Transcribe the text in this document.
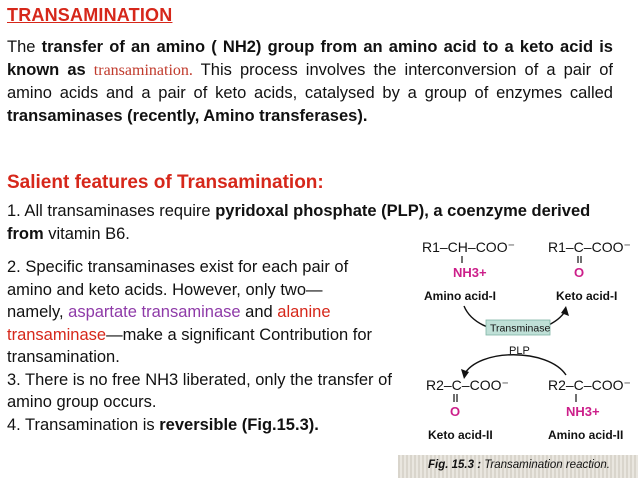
TRANSAMINATION
The transfer of an amino ( NH2) group from an amino acid to a keto acid is known as transamination. This process involves the interconversion of a pair of amino acids and a pair of keto acids, catalysed by a group of enzymes called transaminases (recently, Amino transferases).
Salient features of Transamination:
1. All transaminases require pyridoxal phosphate (PLP), a coenzyme derived from vitamin B6.
2. Specific transaminases exist for each pair of amino and keto acids. However, only two—
namely, aspartate transaminase and alanine transaminase—make a significant Contribution for transamination.
3. There is no free NH3 liberated, only the transfer of amino group occurs.
4. Transamination is reversible (Fig.15.3).
R1–CH–COO⁻
NH3+
Amino acid-I
R1–C–COO⁻
O
Keto acid-I
Transminase
PLP
R2–C–COO⁻
O
Keto acid-II
R2–C–COO⁻
NH3+
Amino acid-II
Fig. 15.3 : Transamination reaction.
